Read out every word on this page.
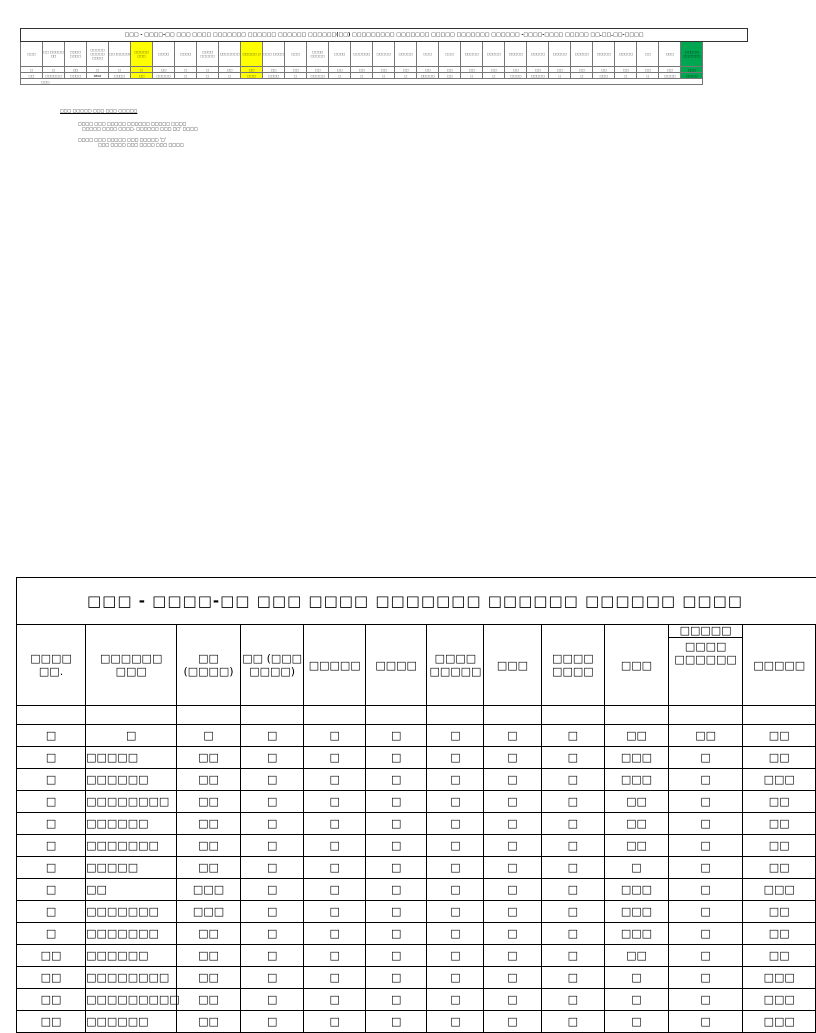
□□□ - □□□□-□□ □□□ □□□□ □□□□□□□ □□□□□□ □□□□□□ □□□□□□(□□) □□□□□□□□□ □□□□□□□ □□□□□ □□□□□□□ □□□□□□ -□□□□-□□□□ □□□□□ □□.□□.□□-□□□□																														
□□□	□□ □□□□□ □□	□□□□ □□□□	□□□□□ □□□□□ □□□□	□□ (□□□□)	□□□□□ □□□	□□□□	□□□□	□□□□ □□□□□	□□□□□□□	□□□□□ □	□□□ □□□□	□□□	□□□□ □□□□□	□□□□	□□□□□□	□□□□□	□□□□□	□□□	□□□	□□□□□	□□□□□	□□□□□	□□□□□	□□□□□	□□□□□	□□□□□	□□□□□	□□	□□□	□□□□□ □□□□□□
□	□	□□	□	□	□	□□	□	□	□□	□□	□□	□□	□□	□□	□□	□□	□□	□□	□□	□□	□□	□□	□□	□□	□□	□□	□□	□□	□□	□□□
□□	□□□□□□	□□□□	SB02	□□□□	□□	□□□□□	□	□	□	□□□	□□□□	□	□□□□□	□	□	□	□	□□□□□	□□	□	□	□□□□	□□□□□	□	□	□□□	□	□	□□□□	□□□□
□□□																														
□□□ □□□□□ □□□ □□□ □□□□□
□□□□ □□□ □□□□□ □□□□□□ □□□□□ □□□□
□□□□□ □□□□ □□□□. □□□□□□ □□□ □□' □□□□
□□□□ □□□ □□□□□ □□□ □□□□□ '□'
□□□ □□□□ □□□ □□□□ □□□ □□□□
□□□ - □□□□-□□ □□□ □□□□ □□□□□□□ □□□□□□ □□□□□□ □□□□											
□□□□ □□.	□□□□□□ □□□	□□ (□□□□)	□□ (□□□ □□□□)	□□□□□	□□□□	□□□□ □□□□□	□□□	□□□□ □□□□	□□□	□□□□□
□□□□ □□□□□□	□□□□□

□	□	□	□	□	□	□	□	□	□□	□□	□□
□	□□□□□	□□	□	□	□	□	□	□	□□□	□	□□
□	□□□□□□	□□	□	□	□	□	□	□	□□□	□	□□□
□	□□□□□□□□	□□	□	□	□	□	□	□	□□	□	□□
□	□□□□□□	□□	□	□	□	□	□	□	□□	□	□□
□	□□□□□□□	□□	□	□	□	□	□	□	□□	□	□□
□	□□□□□	□□	□	□	□	□	□	□	□	□	□□
□	□□	□□□	□	□	□	□	□	□	□□□	□	□□□
□	□□□□□□□	□□□	□	□	□	□	□	□	□□□	□	□□
□	□□□□□□□	□□	□	□	□	□	□	□	□□□	□	□□
□□	□□□□□□	□□	□	□	□	□	□	□	□□	□	□□
□□	□□□□□□□□	□□	□	□	□	□	□	□	□	□	□□□
□□	□□□□□□□□□	□□	□	□	□	□	□	□	□	□	□□□
□□	□□□□□□	□□	□	□	□	□	□	□	□	□	□□□
